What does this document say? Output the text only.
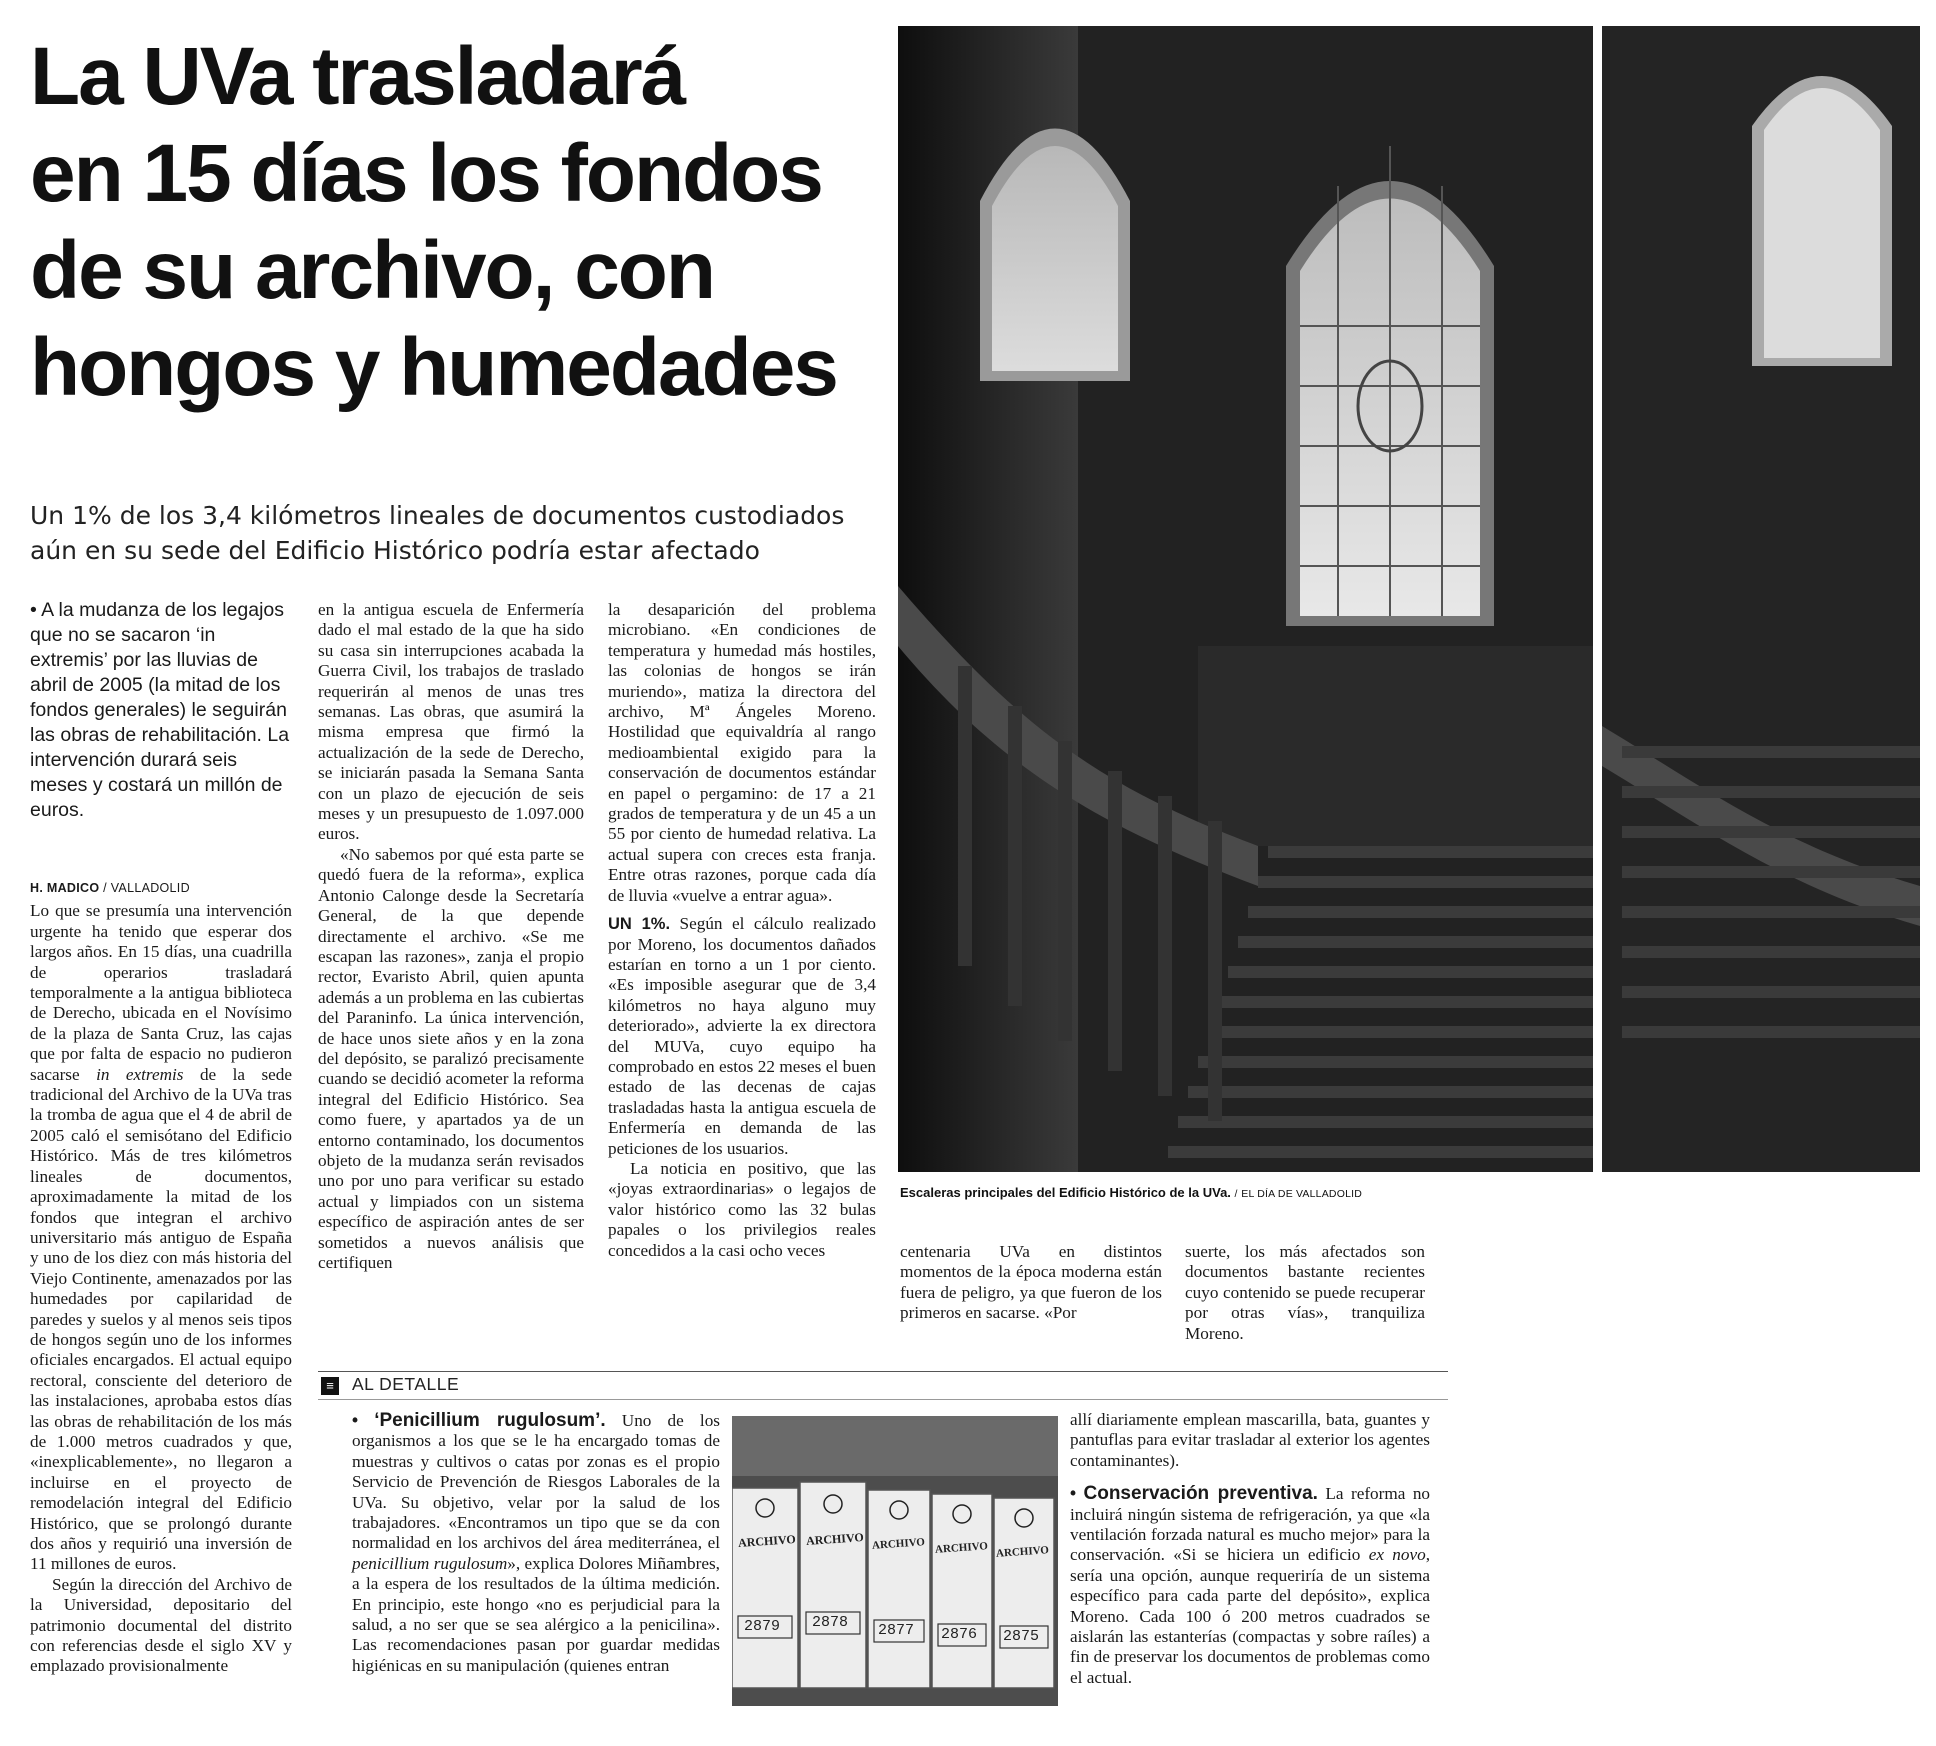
La UVa trasladará
en 15 días los fondos
de su archivo, con
hongos y humedades
Un 1% de los 3,4 kilómetros lineales de documentos custodiados
aún en su sede del Edificio Histórico podría estar afectado
• A la mudanza de los legajos que no se sacaron ‘in extremis’ por las lluvias de abril de 2005 (la mitad de los fondos generales) le seguirán las obras de rehabilitación. La intervención durará seis meses y costará un millón de euros.
H. MADICO / VALLADOLID

Lo que se presumía una intervención urgente ha tenido que esperar dos largos años. En 15 días, una cuadrilla de operarios trasladará temporalmente a la antigua biblioteca de Derecho, ubicada en el Novísimo de la plaza de Santa Cruz, las cajas que por falta de espacio no pudieron sacarse in extremis de la sede tradicional del Archivo de la UVa tras la tromba de agua que el 4 de abril de 2005 caló el semisótano del Edificio Histórico. Más de tres kilómetros lineales de documentos, aproximadamente la mitad de los fondos que integran el archivo universitario más antiguo de España y uno de los diez con más historia del Viejo Continente, amenazados por las humedades por capilaridad de paredes y suelos y al menos seis tipos de hongos según uno de los informes oficiales encargados. El actual equipo rectoral, consciente del deterioro de las instalaciones, aprobaba estos días las obras de rehabilitación de los más de 1.000 metros cuadrados y que, «inexplicablemente», no llegaron a incluirse en el proyecto de remodelación integral del Edificio Histórico, que se prolongó durante dos años y requirió una inversión de 11 millones de euros.

Según la dirección del Archivo de la Universidad, depositario del patrimonio documental del distrito con referencias desde el siglo XV y emplazado provisionalmente

en la antigua escuela de Enfermería dado el mal estado de la que ha sido su casa sin interrupciones acabada la Guerra Civil, los trabajos de traslado requerirán al menos de unas tres semanas. Las obras, que asumirá la misma empresa que firmó la actualización de la sede de Derecho, se iniciarán pasada la Semana Santa con un plazo de ejecución de seis meses y un presupuesto de 1.097.000 euros.

«No sabemos por qué esta parte se quedó fuera de la reforma», explica Antonio Calonge desde la Secretaría General, de la que depende directamente el archivo. «Se me escapan las razones», zanja el propio rector, Evaristo Abril, quien apunta además a un problema en las cubiertas del Paraninfo. La única intervención, de hace unos siete años y en la zona del depósito, se paralizó precisamente cuando se decidió acometer la reforma integral del Edificio Histórico. Sea como fuere, y apartados ya de un entorno contaminado, los documentos objeto de la mudanza serán revisados uno por uno para verificar su estado actual y limpiados con un sistema específico de aspiración antes de ser sometidos a nuevos análisis que certifiquen

la desaparición del problema microbiano. «En condiciones de temperatura y humedad más hostiles, las colonias de hongos se irán muriendo», matiza la directora del archivo, Mª Ángeles Moreno. Hostilidad que equivaldría al rango medioambiental exigido para la conservación de documentos estándar en papel o pergamino: de 17 a 21 grados de temperatura y de un 45 a un 55 por ciento de humedad relativa. La actual supera con creces esta franja. Entre otras razones, porque cada día de lluvia «vuelve a entrar agua».

UN 1%. Según el cálculo realizado por Moreno, los documentos dañados estarían en torno a un 1 por ciento. «Es imposible asegurar que de 3,4 kilómetros no haya alguno muy deteriorado», advierte la ex directora del MUVa, cuyo equipo ha comprobado en estos 22 meses el buen estado de las decenas de cajas trasladadas hasta la antigua escuela de Enfermería en demanda de las peticiones de los usuarios.

La noticia en positivo, que las «joyas extraordinarias» o legajos de valor histórico como las 32 bulas papales o los privilegios reales concedidos a la casi ocho veces	centenaria UVa en distintos momentos de la época moderna están fuera de peligro, ya que fueron de los primeros en sacarse. «Por

suerte, los más afectados son documentos bastante recientes cuyo contenido se puede recuperar por otras vías», tranquiliza Moreno.

Escaleras principales del Edificio Histórico de la UVa. / EL DÍA DE VALLADOLID
≡ AL DETALLE

• ‘Penicillium rugulosum’. Uno de los organismos a los que se le ha encargado tomas de muestras y cultivos o catas por zonas es el propio Servicio de Prevención de Riesgos Laborales de la UVa. Su objetivo, velar por la salud de los trabajadores. «Encontramos un tipo que se da con normalidad en los archivos del área mediterránea, el penicillium rugulosum», explica Dolores Miñambres, a la espera de los resultados de la última medición. En principio, este hongo «no es perjudicial para la salud, a no ser que se sea alérgico a la penicilina». Las recomendaciones pasan por guardar medidas higiénicas en su manipulación (quienes entran

ARCHIVO ARCHIVO ARCHIVO ARCHIVO ARCHIVO
2879 2878 2877 2876 2875

allí diariamente emplean mascarilla, bata, guantes y pantuflas para evitar trasladar al exterior los agentes contaminantes).

• Conservación preventiva. La reforma no incluirá ningún sistema de refrigeración, ya que «la ventilación forzada natural es mucho mejor» para la conservación. «Si se hiciera un edificio ex novo, sería una opción, aunque requeriría de un sistema específico para cada parte del depósito», explica Moreno. Cada 100 ó 200 metros cuadrados se aislarán las estanterías (compactas y sobre raíles) a fin de preservar los documentos de problemas como el actual.
